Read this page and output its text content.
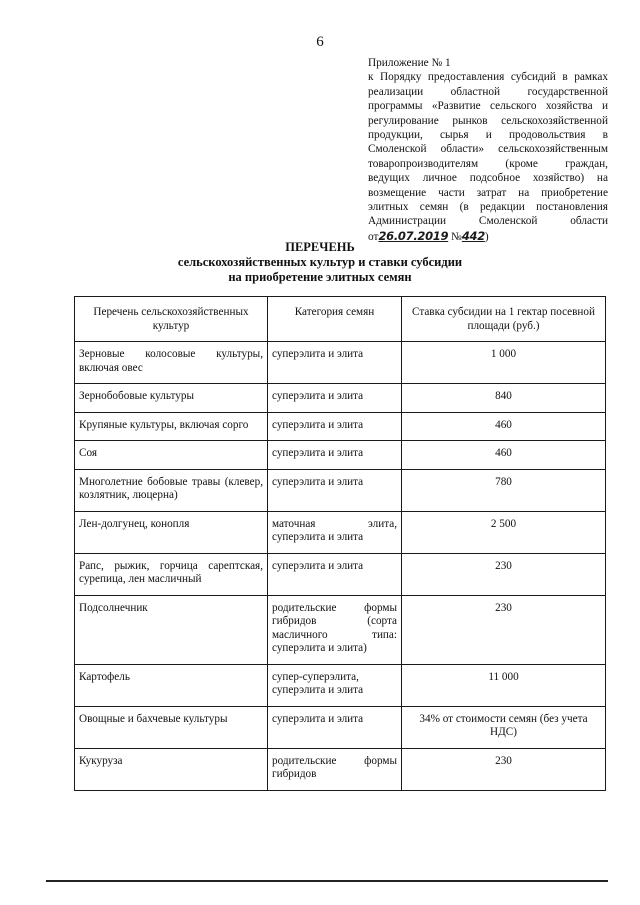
6
Приложение № 1
к Порядку предоставления субсидий в рамках
реализации областной государственной
программы «Развитие сельского хозяйства и
регулирование рынков сельскохозяйственной
продукции, сырья и продовольствия в
Смоленской области» сельскохозяйственным
товаропроизводителям (кроме граждан,
ведущих личное подсобное хозяйство) на
возмещение части затрат на приобретение
элитных семян (в редакции постановления
Администрации Смоленской области
от26.07.2019 №442)
ПЕРЕЧЕНЬ
сельскохозяйственных культур и ставки субсидии
на приобретение элитных семян
Перечень сельскохозяйственных культур	Категория семян	Ставка субсидии на 1 гектар посевной площади (руб.)
Зерновые колосовые культуры, включая овес	суперэлита и элита	1 000
Зернобобовые культуры	суперэлита и элита	840
Крупяные культуры, включая сорго	суперэлита и элита	460
Соя	суперэлита и элита	460
Многолетние бобовые травы (клевер, козлятник, люцерна)	суперэлита и элита	780
Лен-долгунец, конопля	маточная элита, суперэлита и элита	2 500
Рапс, рыжик, горчица сарептская, сурепица, лен масличный	суперэлита и элита	230
Подсолнечник	родительские формы гибридов (сорта масличного типа: суперэлита и элита)	230
Картофель	супер-суперэлита, суперэлита и элита	11 000
Овощные и бахчевые культуры	суперэлита и элита	34% от стоимости семян (без учета НДС)
Кукуруза	родительские формы гибридов	230
